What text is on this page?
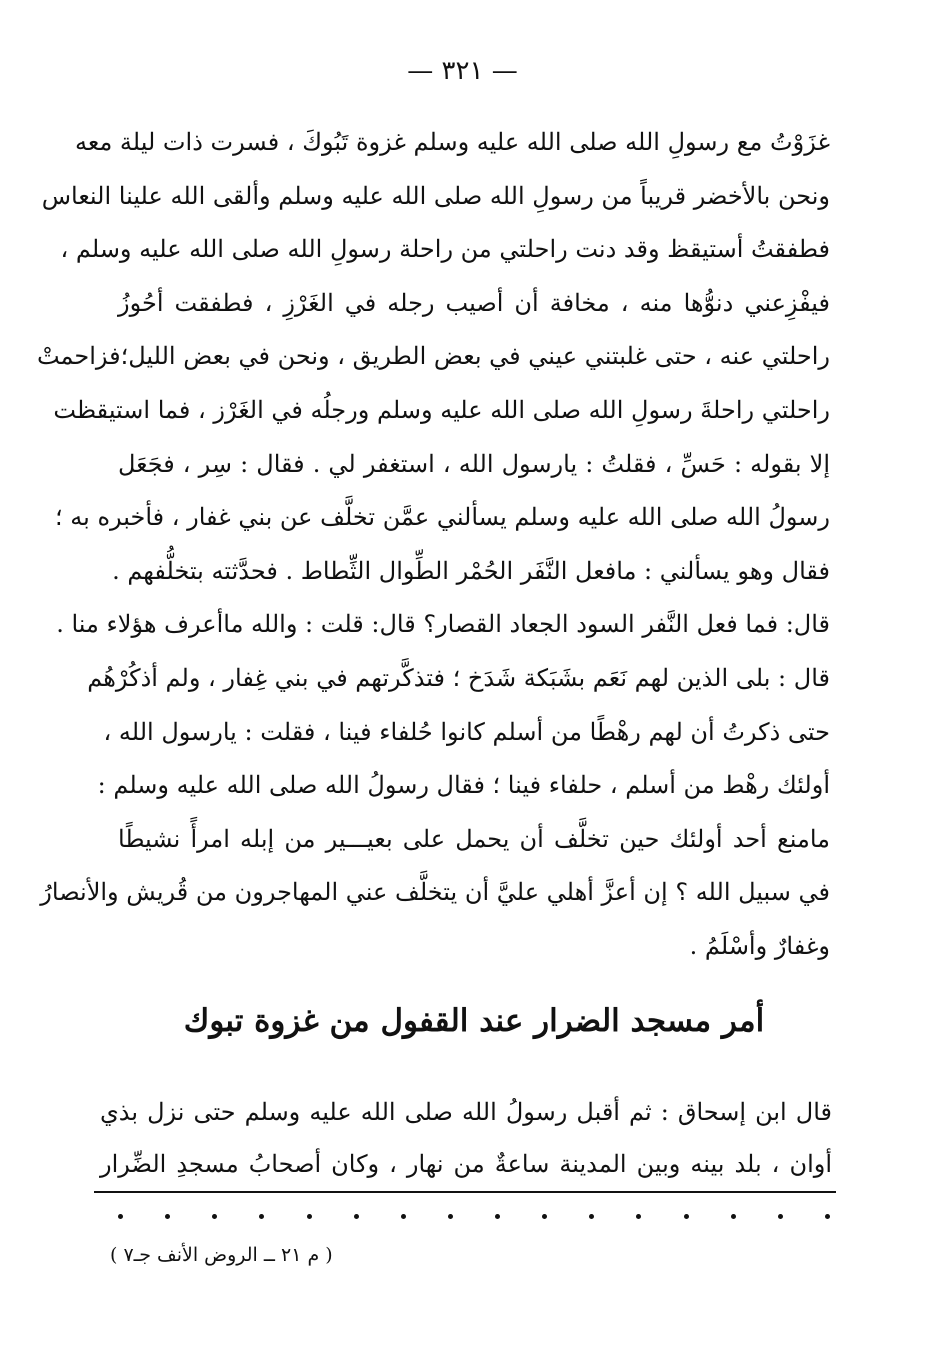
— ٣٢١ —
غزَوْتُ مع رسولِ الله صلى الله عليه وسلم غزوة تَبُوكَ ، فسرت ذات ليلة معه
ونحن بالأخضر قريباً من رسولِ الله صلى الله عليه وسلم وألقى الله علينا النعاس
فطفقتُ أستيقظ وقد دنت راحلتي من راحلة رسولِ الله صلى الله عليه وسلم ،
فيفْزِعني دنوُّها منه ، مخافة أن أصيب رجله في الغَرْزِ ، فطفقت أحُوزُ
راحلتي عنه ، حتى غلبتني عيني في بعض الطريق ، ونحن في بعض الليل؛فزاحمتْ
راحلتي راحلةَ رسولِ الله صلى الله عليه وسلم ورجلُه في الغَرْز ، فما استيقظت
إلا بقوله : حَسِّ ، فقلتُ : يارسول الله ، استغفر لي . فقال : سِر ، فجَعَل
رسولُ الله صلى الله عليه وسلم يسألني عمَّن تخلَّف عن بني غفار ، فأخبره به ؛
فقال وهو يسألني : مافعل النَّفَر الحُمْر الطِّوال الثِّطاط . فحدَّثته بتخلُّفهم .
قال: فما فعل النَّفر السود الجعاد القصار؟ قال: قلت : والله ماأعرف هؤلاء منا .
قال : بلى الذين لهم نَعَم بشَبَكة شَدَخ ؛ فتذكَّرتهم في بني غِفار ، ولم أذكُرْهُم
حتى ذكرتُ أن لهم رهْطًا من أسلم كانوا حُلفاء فينا ، فقلت : يارسول الله ،
أولئك رهْط من أسلم ، حلفاء فينا ؛ فقال رسولُ الله صلى الله عليه وسلم :
مامنع أحد أولئك حين تخلَّف أن يحمل على بعيـــير من إبله امرأً نشيطًا
في سبيل الله ؟ إن أعزَّ أهلي عليَّ أن يتخلَّف عني المهاجرون من قُريش والأنصارُ
وغفارٌ وأسْلَمُ .
أمر مسجد الضرار عند القفول من غزوة تبوك
قال ابن إسحاق : ثم أقبل رسولُ الله صلى الله عليه وسلم حتى نزل بذي
أوان ، بلد بينه وبين المدينة ساعةٌ من نهار ، وكان أصحابُ مسجدِ الضِّرار
( م ٢١ ــ الروض الأنف جـ٧ )
